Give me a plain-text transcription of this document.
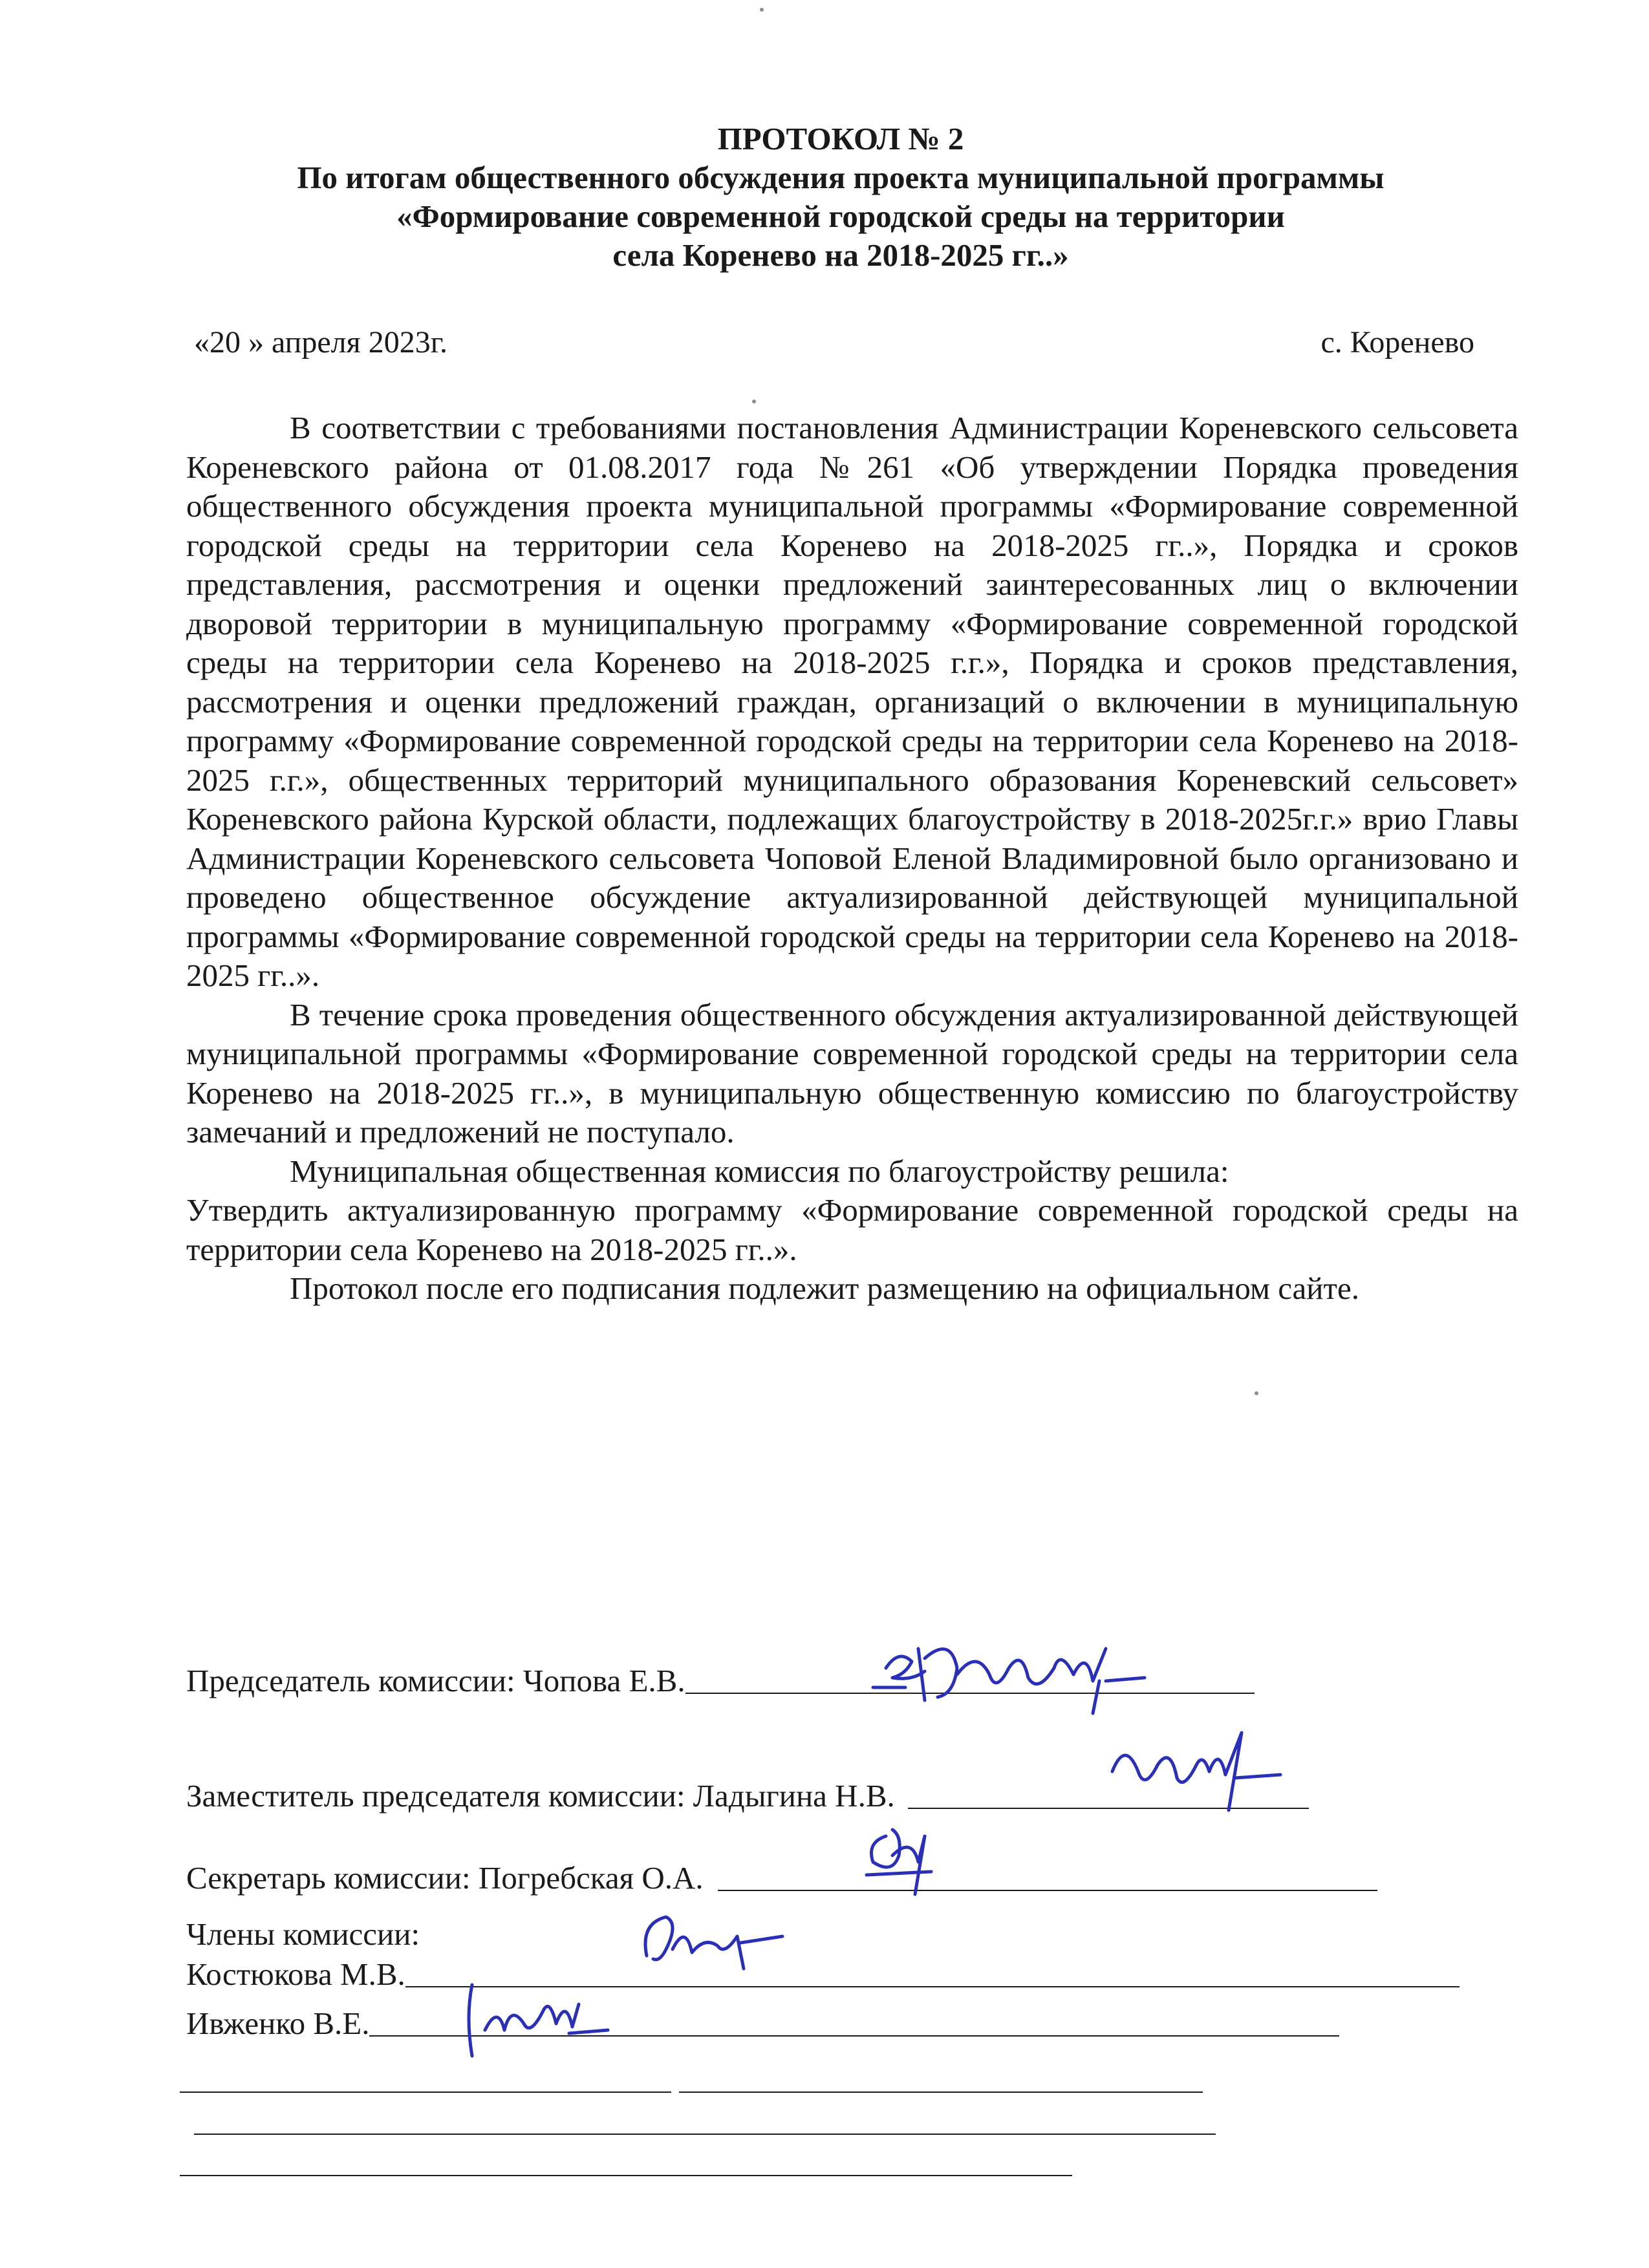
ПРОТОКОЛ № 2
По итогам общественного обсуждения проекта муниципальной программы
«Формирование современной городской среды на территории
села Коренево на 2018-2025 гг..»
«20 » апреля 2023г.	с. Коренево

В соответствии с требованиями постановления Администрации Кореневского сельсовета Кореневского района от 01.08.2017 года №261 «Об утверждении Порядка проведения общественного обсуждения проекта муниципальной программы «Формирование современной городской среды на территории села Коренево на 2018-2025 гг..», Порядка и сроков представления, рассмотрения и оценки предложений заинтересованных лиц о включении дворовой территории в муниципальную программу «Формирование современной городской среды на территории села Коренево на 2018-2025 г.г.», Порядка и сроков представления, рассмотрения и оценки предложений граждан, организаций о включении в муниципальную программу «Формирование современной городской среды на территории села Коренево на 2018-2025 г.г.», общественных территорий муниципального образования Кореневский сельсовет» Кореневского района Курской области, подлежащих благоустройству в 2018-2025г.г.» врио Главы Администрации Кореневского сельсовета Чоповой Еленой Владимировной было организовано и проведено общественное обсуждение актуализированной действующей муниципальной программы «Формирование современной городской среды на территории села Коренево на 2018-2025 гг..».

В течение срока проведения общественного обсуждения актуализированной действующей муниципальной программы «Формирование современной городской среды на территории села Коренево на 2018-2025 гг..», в муниципальную общественную комиссию по благоустройству замечаний и предложений не поступало.

Муниципальная общественная комиссия по благоустройству решила:

Утвердить актуализированную программу «Формирование современной городской среды на территории села Коренево на 2018-2025 гг..».

Протокол после его подписания подлежит размещению на официальном сайте.

Председатель комиссии: Чопова Е.В.
Заместитель председателя комиссии: Ладыгина Н.В.
Секретарь комиссии: Погребская О.А.
Члены комиссии:
Костюкова М.В.
Ивженко В.Е.
